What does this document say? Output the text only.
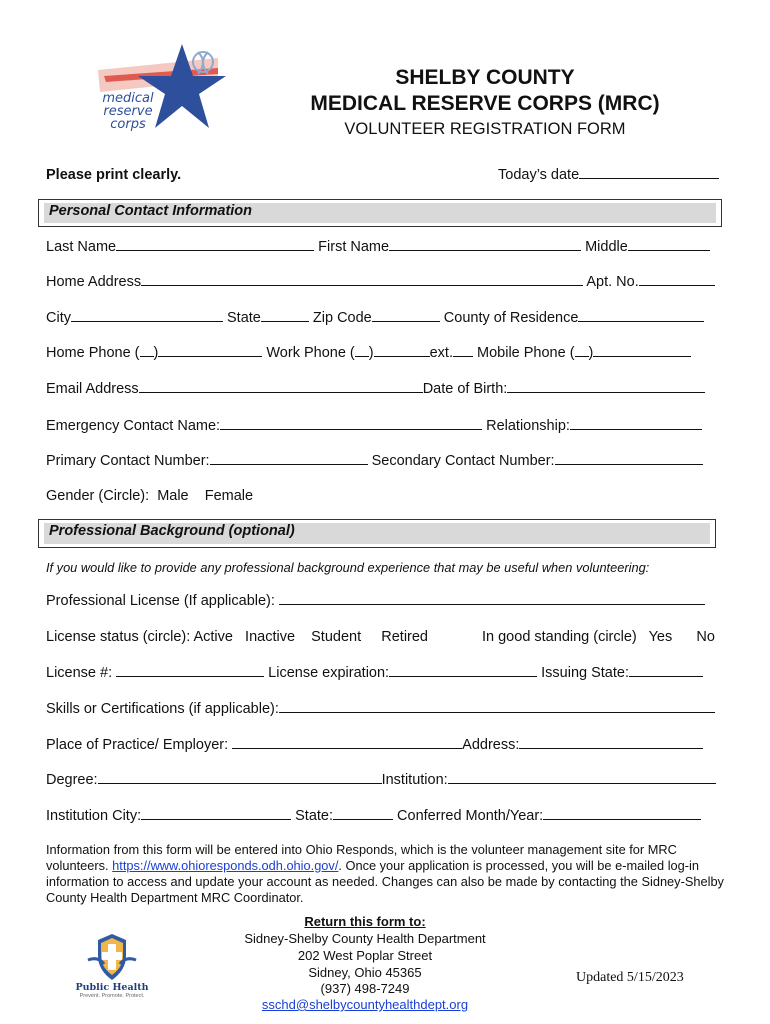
medical
reserve
corps
SHELBY COUNTY
MEDICAL RESERVE CORPS (MRC)
VOLUNTEER REGISTRATION FORM
Please print clearly.	Today’s date
Personal Contact Information
Last Name	First Name	Middle
Home Address	Apt. No.
City	State	Zip Code	County of Residence
Home Phone ( )	Work Phone ( )	ext. Mobile Phone ( )
Email Address	Date of Birth:
Emergency Contact Name:	Relationship:
Primary Contact Number:	Secondary Contact Number:
Gender (Circle):  Male    Female
Professional Background (optional)
If you would like to provide any professional background experience that may be useful when volunteering:
Professional License (If applicable):
License status (circle): Active   Inactive    Student     Retired	In good standing (circle)   Yes      No
License #:	License expiration:	Issuing State:
Skills or Certifications (if applicable):
Place of Practice/ Employer:	Address:
Degree:	Institution:
Institution City:	State:	Conferred Month/Year:
Information from this form will be entered into Ohio Responds, which is the volunteer management site for MRC volunteers. https://www.ohioresponds.odh.ohio.gov/. Once your application is processed, you will be e-mailed log-in information to access and update your account as needed. Changes can also be made by contacting the Sidney-Shelby County Health Department MRC Coordinator.
Public Health
Prevent. Promote. Protect.
Return this form to:
Sidney-Shelby County Health Department
202 West Poplar Street
Sidney, Ohio 45365
(937) 498-7249
sschd@shelbycountyhealthdept.org
Updated 5/15/2023
